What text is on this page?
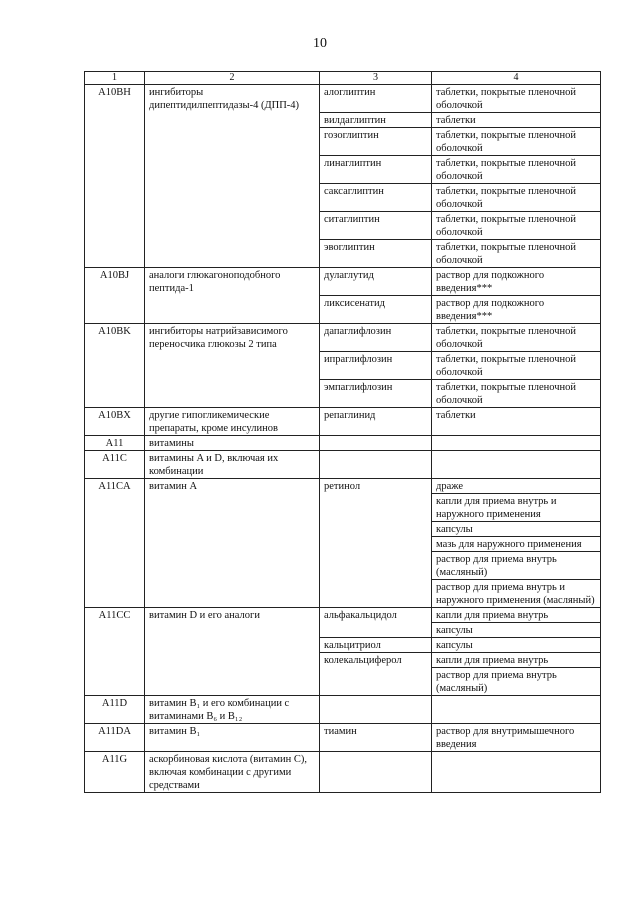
10
1	2	3	4
A10BH	ингибиторы дипептидилпептидазы-4 (ДПП-4)	алоглиптин	таблетки, покрытые пленочной оболочкой
		вилдаглиптин	таблетки
		гозоглиптин	таблетки, покрытые пленочной оболочкой
		линаглиптин	таблетки, покрытые пленочной оболочкой
		саксаглиптин	таблетки, покрытые пленочной оболочкой
		ситаглиптин	таблетки, покрытые пленочной оболочкой
		эвоглиптин	таблетки, покрытые пленочной оболочкой
A10BJ	аналоги глюкагоноподобного пептида-1	дулаглутид	раствор для подкожного введения***
		ликсисенатид	раствор для подкожного введения***
A10BK	ингибиторы натрийзависимого переносчика глюкозы 2 типа	дапаглифлозин	таблетки, покрытые пленочной оболочкой
		ипраглифлозин	таблетки, покрытые пленочной оболочкой
		эмпаглифлозин	таблетки, покрытые пленочной оболочкой
A10BX	другие гипогликемические препараты, кроме инсулинов	репаглинид	таблетки
A11	витамины		
A11C	витамины A и D, включая их комбинации		
A11CA	витамин A	ретинол	драже
			капли для приема внутрь и наружного применения
			капсулы
			мазь для наружного применения
			раствор для приема внутрь (масляный)
			раствор для приема внутрь и наружного применения (масляный)
A11CC	витамин D и его аналоги	альфакальцидол	капли для приема внутрь
			капсулы
		кальцитриол	капсулы
		колекальциферол	капли для приема внутрь
			раствор для приема внутрь (масляный)
A11D	витамин B₁ и его комбинации с витаминами B₆ и B₁₂		
A11DA	витамин B₁	тиамин	раствор для внутримышечного введения
A11G	аскорбиновая кислота (витамин С), включая комбинации с другими средствами		
